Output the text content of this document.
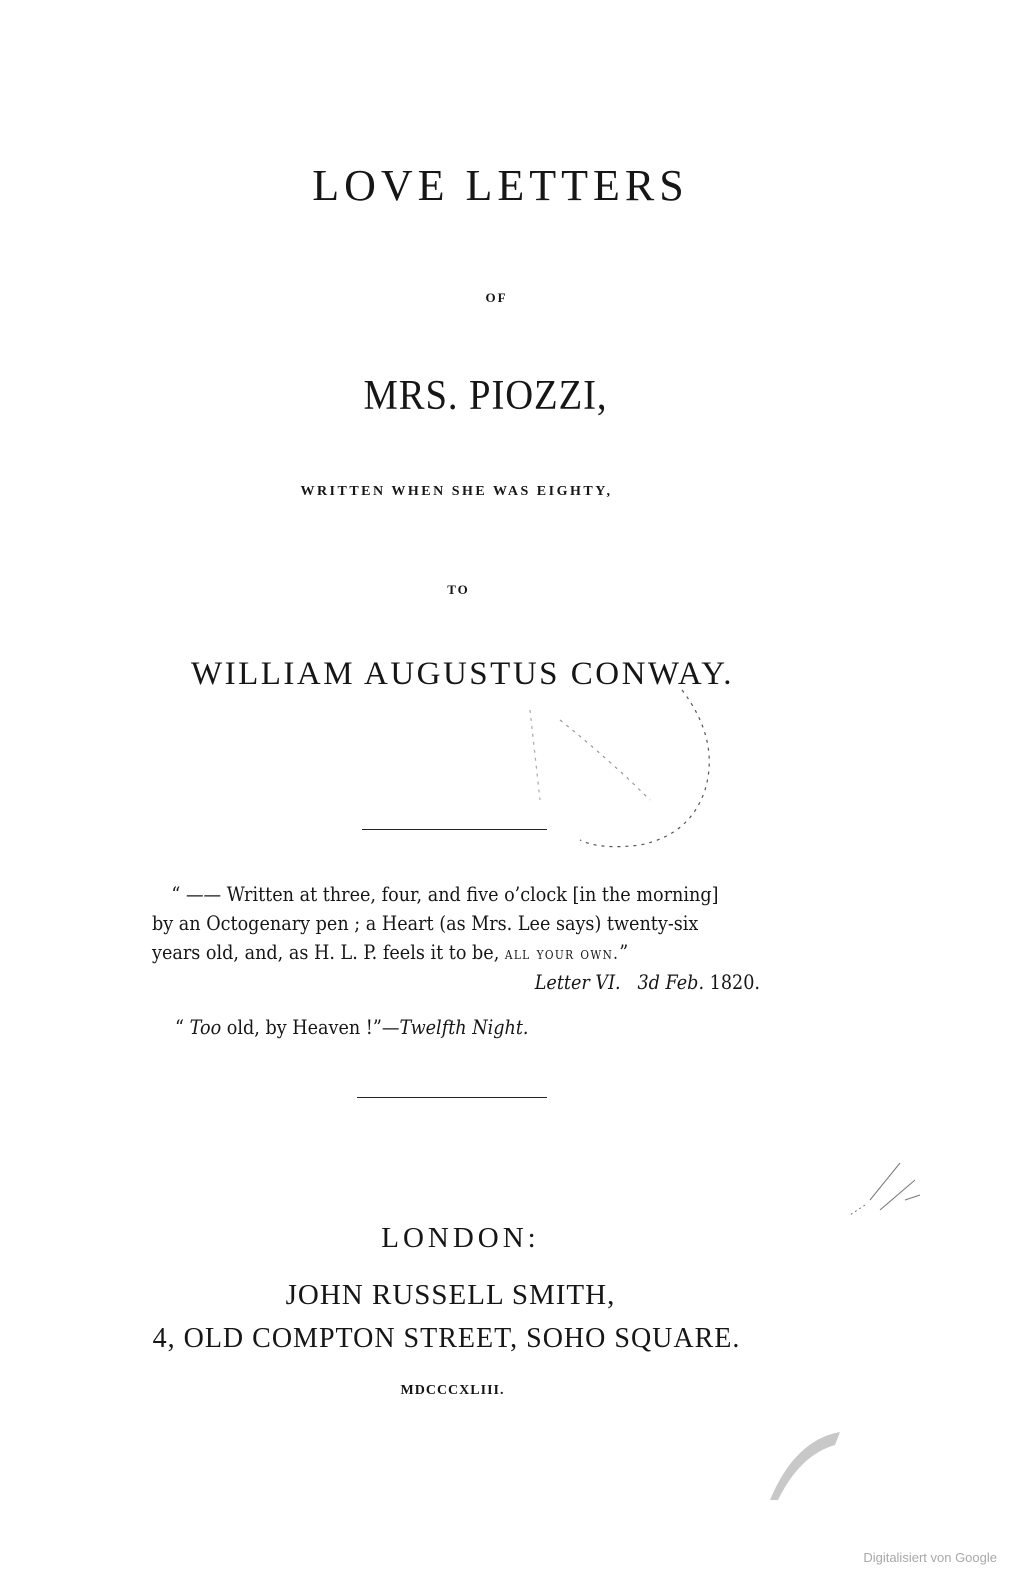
LOVE LETTERS
OF
MRS. PIOZZI,
WRITTEN WHEN SHE WAS EIGHTY,
TO
WILLIAM AUGUSTUS CONWAY.
“ —— Written at three, four, and five o’clock [in the morning]
by an Octogenary pen ; a Heart (as Mrs. Lee says) twenty-six
years old, and, as H. L. P. feels it to be, all your own.”
Letter VI. 3d Feb. 1820.
“ Too old, by Heaven !”—Twelfth Night.
LONDON:
JOHN RUSSELL SMITH,
4, OLD COMPTON STREET, SOHO SQUARE.
MDCCCXLIII.
Digitalisiert von Google
